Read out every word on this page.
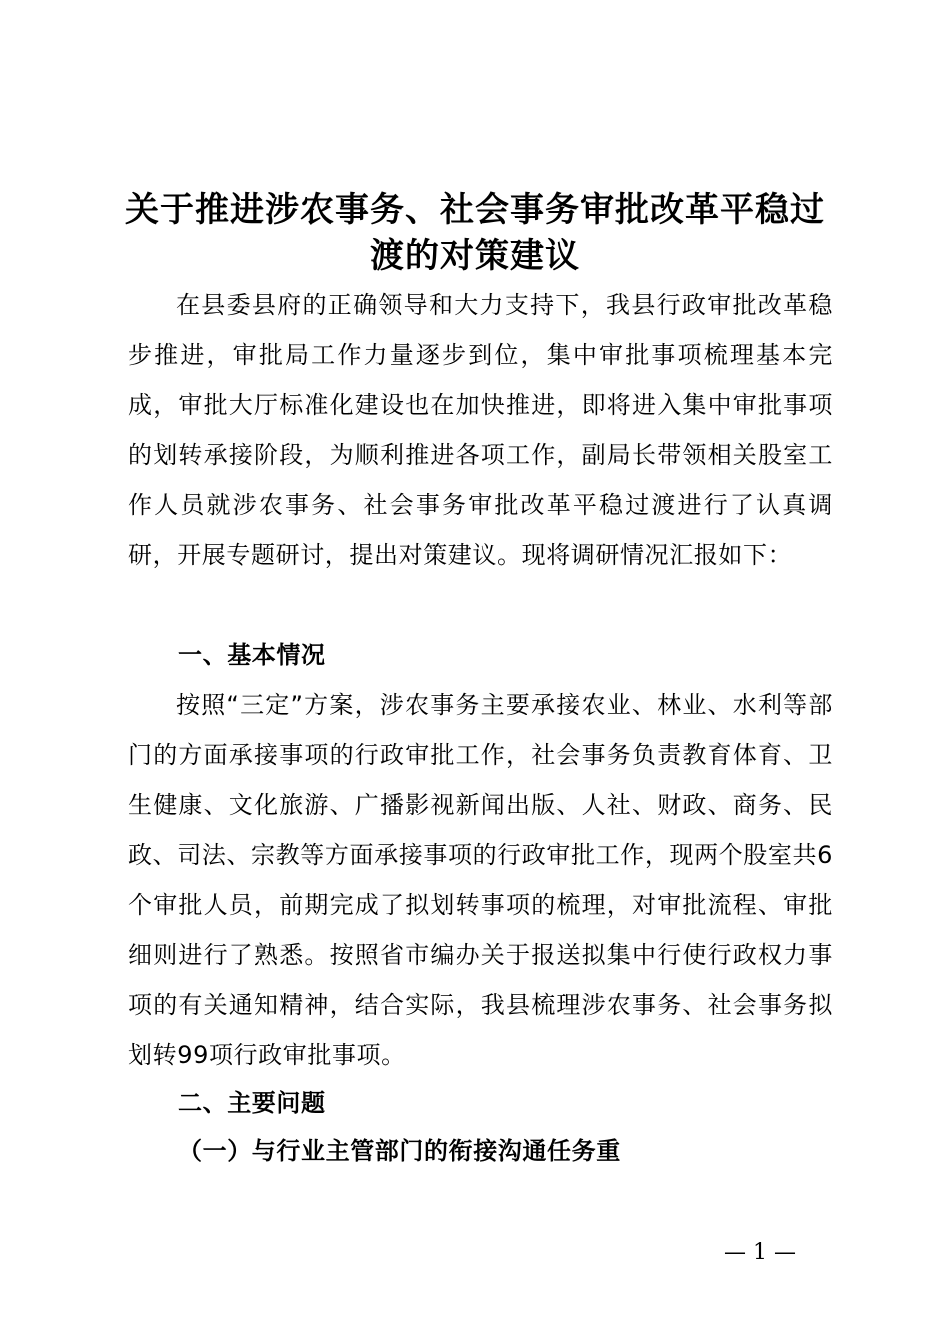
关于推进涉农事务、社会事务审批改革平稳过
渡的对策建议
在县委县府的正确领导和大力支持下，我县行政审批改革稳步推进，审批局工作力量逐步到位，集中审批事项梳理基本完成，审批大厅标准化建设也在加快推进，即将进入集中审批事项的划转承接阶段，为顺利推进各项工作，副局长带领相关股室工作人员就涉农事务、社会事务审批改革平稳过渡进行了认真调研，开展专题研讨，提出对策建议。现将调研情况汇报如下：
一、基本情况
按照“三定”方案，涉农事务主要承接农业、林业、水利等部门的方面承接事项的行政审批工作，社会事务负责教育体育、卫生健康、文化旅游、广播影视新闻出版、人社、财政、商务、民政、司法、宗教等方面承接事项的行政审批工作，现两个股室共6个审批人员，前期完成了拟划转事项的梳理，对审批流程、审批细则进行了熟悉。按照省市编办关于报送拟集中行使行政权力事项的有关通知精神，结合实际，我县梳理涉农事务、社会事务拟划转99项行政审批事项。
二、主要问题
（一）与行业主管部门的衔接沟通任务重
— 1 —
